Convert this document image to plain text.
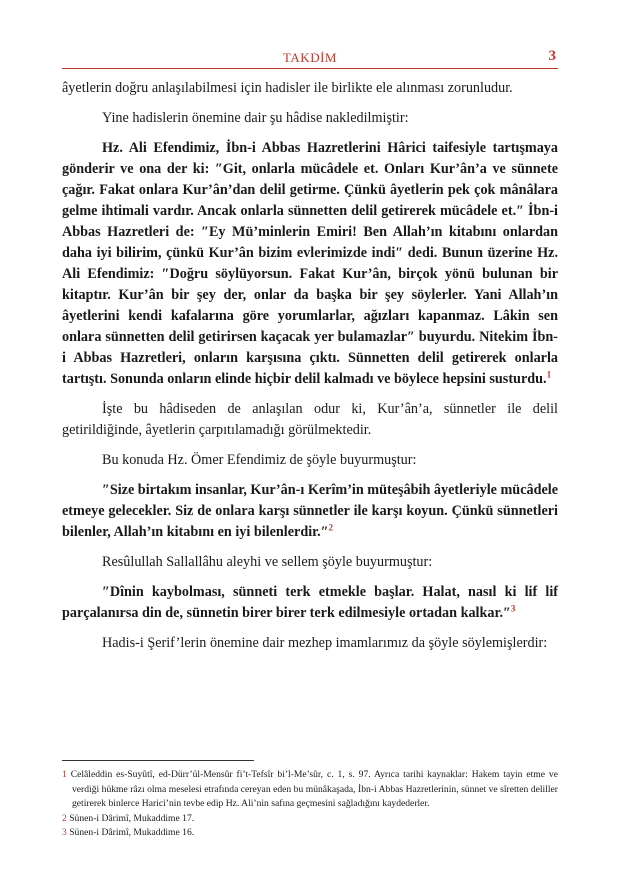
TAKDİM	3

âyetlerin doğru anlaşılabilmesi için hadisler ile birlikte ele alınması zorunludur.

Yine hadislerin önemine dair şu hâdise nakledilmiştir:

Hz. Ali Efendimiz, İbn-i Abbas Hazretlerini Hârici taifesiyle tartışmaya gönderir ve ona der ki: ″Git, onlarla mücâdele et. Onları Kur’ân’a ve sünnete çağır. Fakat onlara Kur’ân’dan delil getirme. Çünkü âyetlerin pek çok mânâlara gelme ihtimali vardır. Ancak onlarla sünnetten delil getirerek mücâdele et.″ İbn-i Abbas Hazretleri de: ″Ey Mü’minlerin Emiri! Ben Allah’ın kitabını onlardan daha iyi bilirim, çünkü Kur’ân bizim evlerimizde indi″ dedi. Bunun üzerine Hz. Ali Efendimiz: ″Doğru söylüyorsun. Fakat Kur’ân, birçok yönü bulunan bir kitaptır. Kur’ân bir şey der, onlar da başka bir şey söylerler. Yani Allah’ın âyetlerini kendi kafalarına göre yorumlarlar, ağızları kapanmaz. Lâkin sen onlara sünnetten delil getirirsen kaçacak yer bulamazlar″ buyurdu. Nitekim İbn-i Abbas Hazretleri, onların karşısına çıktı. Sünnetten delil getirerek onlarla tartıştı. Sonunda onların elinde hiçbir delil kalmadı ve böylece hepsini susturdu.$^1$

İşte bu hâdiseden de anlaşılan odur ki, Kur’ân’a, sünnetler ile delil getirildiğinde, âyetlerin çarpıtılamadığı görülmektedir.

Bu konuda Hz. Ömer Efendimiz de şöyle buyurmuştur:

″Size birtakım insanlar, Kur’ân-ı Kerîm’in müteşâbih âyetleriyle mücâdele etmeye gelecekler. Siz de onlara karşı sünnetler ile karşı koyun. Çünkü sünnetleri bilenler, Allah’ın kitabını en iyi bilenlerdir.″$^2$

Resûlullah Sallallâhu aleyhi ve sellem şöyle buyurmuştur:

″Dînin kaybolması, sünneti terk etmekle başlar. Halat, nasıl ki lif lif parçalanırsa din de, sünnetin birer birer terk edilmesiyle ortadan kalkar.″$^3$

Hadis-i Şerif’lerin önemine dair mezhep imamlarımız da şöyle söylemişlerdir:

1 Celâleddin es-Suyûtî, ed-Dürr’ül-Mensûr fi’t-Tefsîr bi’l-Me’sûr, c. 1, s. 97. Ayrıca tarihi kaynaklar: Hakem tayin etme ve verdiği hükme râzı olma meselesi etrafında cereyan eden bu münâkaşada, İbn-i Abbas Hazretlerinin, sünnet ve sîretten deliller getirerek binlerce Harici’nin tevbe edip Hz. Ali’nin safına geçmesini sağladığını kaydederler.

2 Sünen-i Dârimî, Mukaddime 17.

3 Sünen-i Dârimî, Mukaddime 16.
